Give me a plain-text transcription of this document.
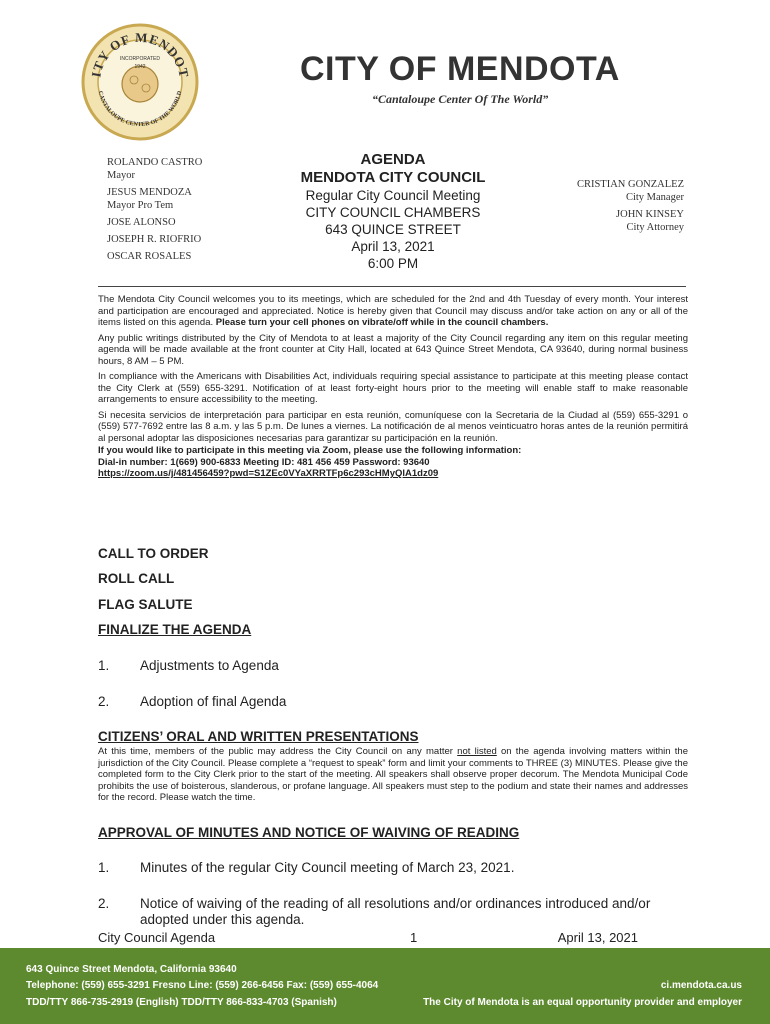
ITY OF MENDOT
INCORPORATED
1942
CANTALOUPE CENTER OF THE WORLD
CITY OF MENDOTA
“Cantaloupe Center Of The World”
ROLANDO CASTRO
Mayor
JESUS MENDOZA
Mayor Pro Tem
JOSE ALONSO
JOSEPH R. RIOFRIO
OSCAR ROSALES
AGENDA
MENDOTA CITY COUNCIL
Regular City Council Meeting
CITY COUNCIL CHAMBERS
643 QUINCE STREET
April 13, 2021
6:00 PM
CRISTIAN GONZALEZ
City Manager
JOHN KINSEY
City Attorney

The Mendota City Council welcomes you to its meetings, which are scheduled for the 2nd and 4th Tuesday of every month. Your interest and participation are encouraged and appreciated. Notice is hereby given that Council may discuss and/or take action on any or all of the items listed on this agenda. Please turn your cell phones on vibrate/off while in the council chambers.

Any public writings distributed by the City of Mendota to at least a majority of the City Council regarding any item on this regular meeting agenda will be made available at the front counter at City Hall, located at 643 Quince Street Mendota, CA 93640, during normal business hours, 8 AM – 5 PM.

In compliance with the Americans with Disabilities Act, individuals requiring special assistance to participate at this meeting please contact the City Clerk at (559) 655-3291. Notification of at least forty-eight hours prior to the meeting will enable staff to make reasonable arrangements to ensure accessibility to the meeting.

Si necesita servicios de interpretación para participar en esta reunión, comuníquese con la Secretaria de la Ciudad al (559) 655-3291 o (559) 577-7692 entre las 8 a.m. y las 5 p.m. De lunes a viernes. La notificación de al menos veinticuatro horas antes de la reunión permitirá al personal adoptar las disposiciones necesarias para garantizar su participación en la reunión.

If you would like to participate in this meeting via Zoom, please use the following information:
Dial-in number: 1(669) 900-6833 Meeting ID: 481 456 459 Password: 93640
https://zoom.us/j/481456459?pwd=S1ZEc0VYaXRRTFp6c293cHMyQlA1dz09
CALL TO ORDER
ROLL CALL
FLAG SALUTE
FINALIZE THE AGENDA
1. Adjustments to Agenda
2. Adoption of final Agenda
CITIZENS’ ORAL AND WRITTEN PRESENTATIONS
At this time, members of the public may address the City Council on any matter not listed on the agenda involving matters within the jurisdiction of the City Council. Please complete a “request to speak” form and limit your comments to THREE (3) MINUTES. Please give the completed form to the City Clerk prior to the start of the meeting. All speakers shall observe proper decorum. The Mendota Municipal Code prohibits the use of boisterous, slanderous, or profane language. All speakers must step to the podium and state their names and addresses for the record. Please watch the time.
APPROVAL OF MINUTES AND NOTICE OF WAIVING OF READING
1. Minutes of the regular City Council meeting of March 23, 2021.
2. Notice of waiving of the reading of all resolutions and/or ordinances introduced and/or adopted under this agenda.
City Council Agenda	1	April 13, 2021
643 Quince Street Mendota, California 93640
Telephone: (559) 655-3291 Fresno Line: (559) 266-6456 Fax: (559) 655-4064
TDD/TTY 866-735-2919 (English) TDD/TTY 866-833-4703 (Spanish)
ci.mendota.ca.us
The City of Mendota is an equal opportunity provider and employer
